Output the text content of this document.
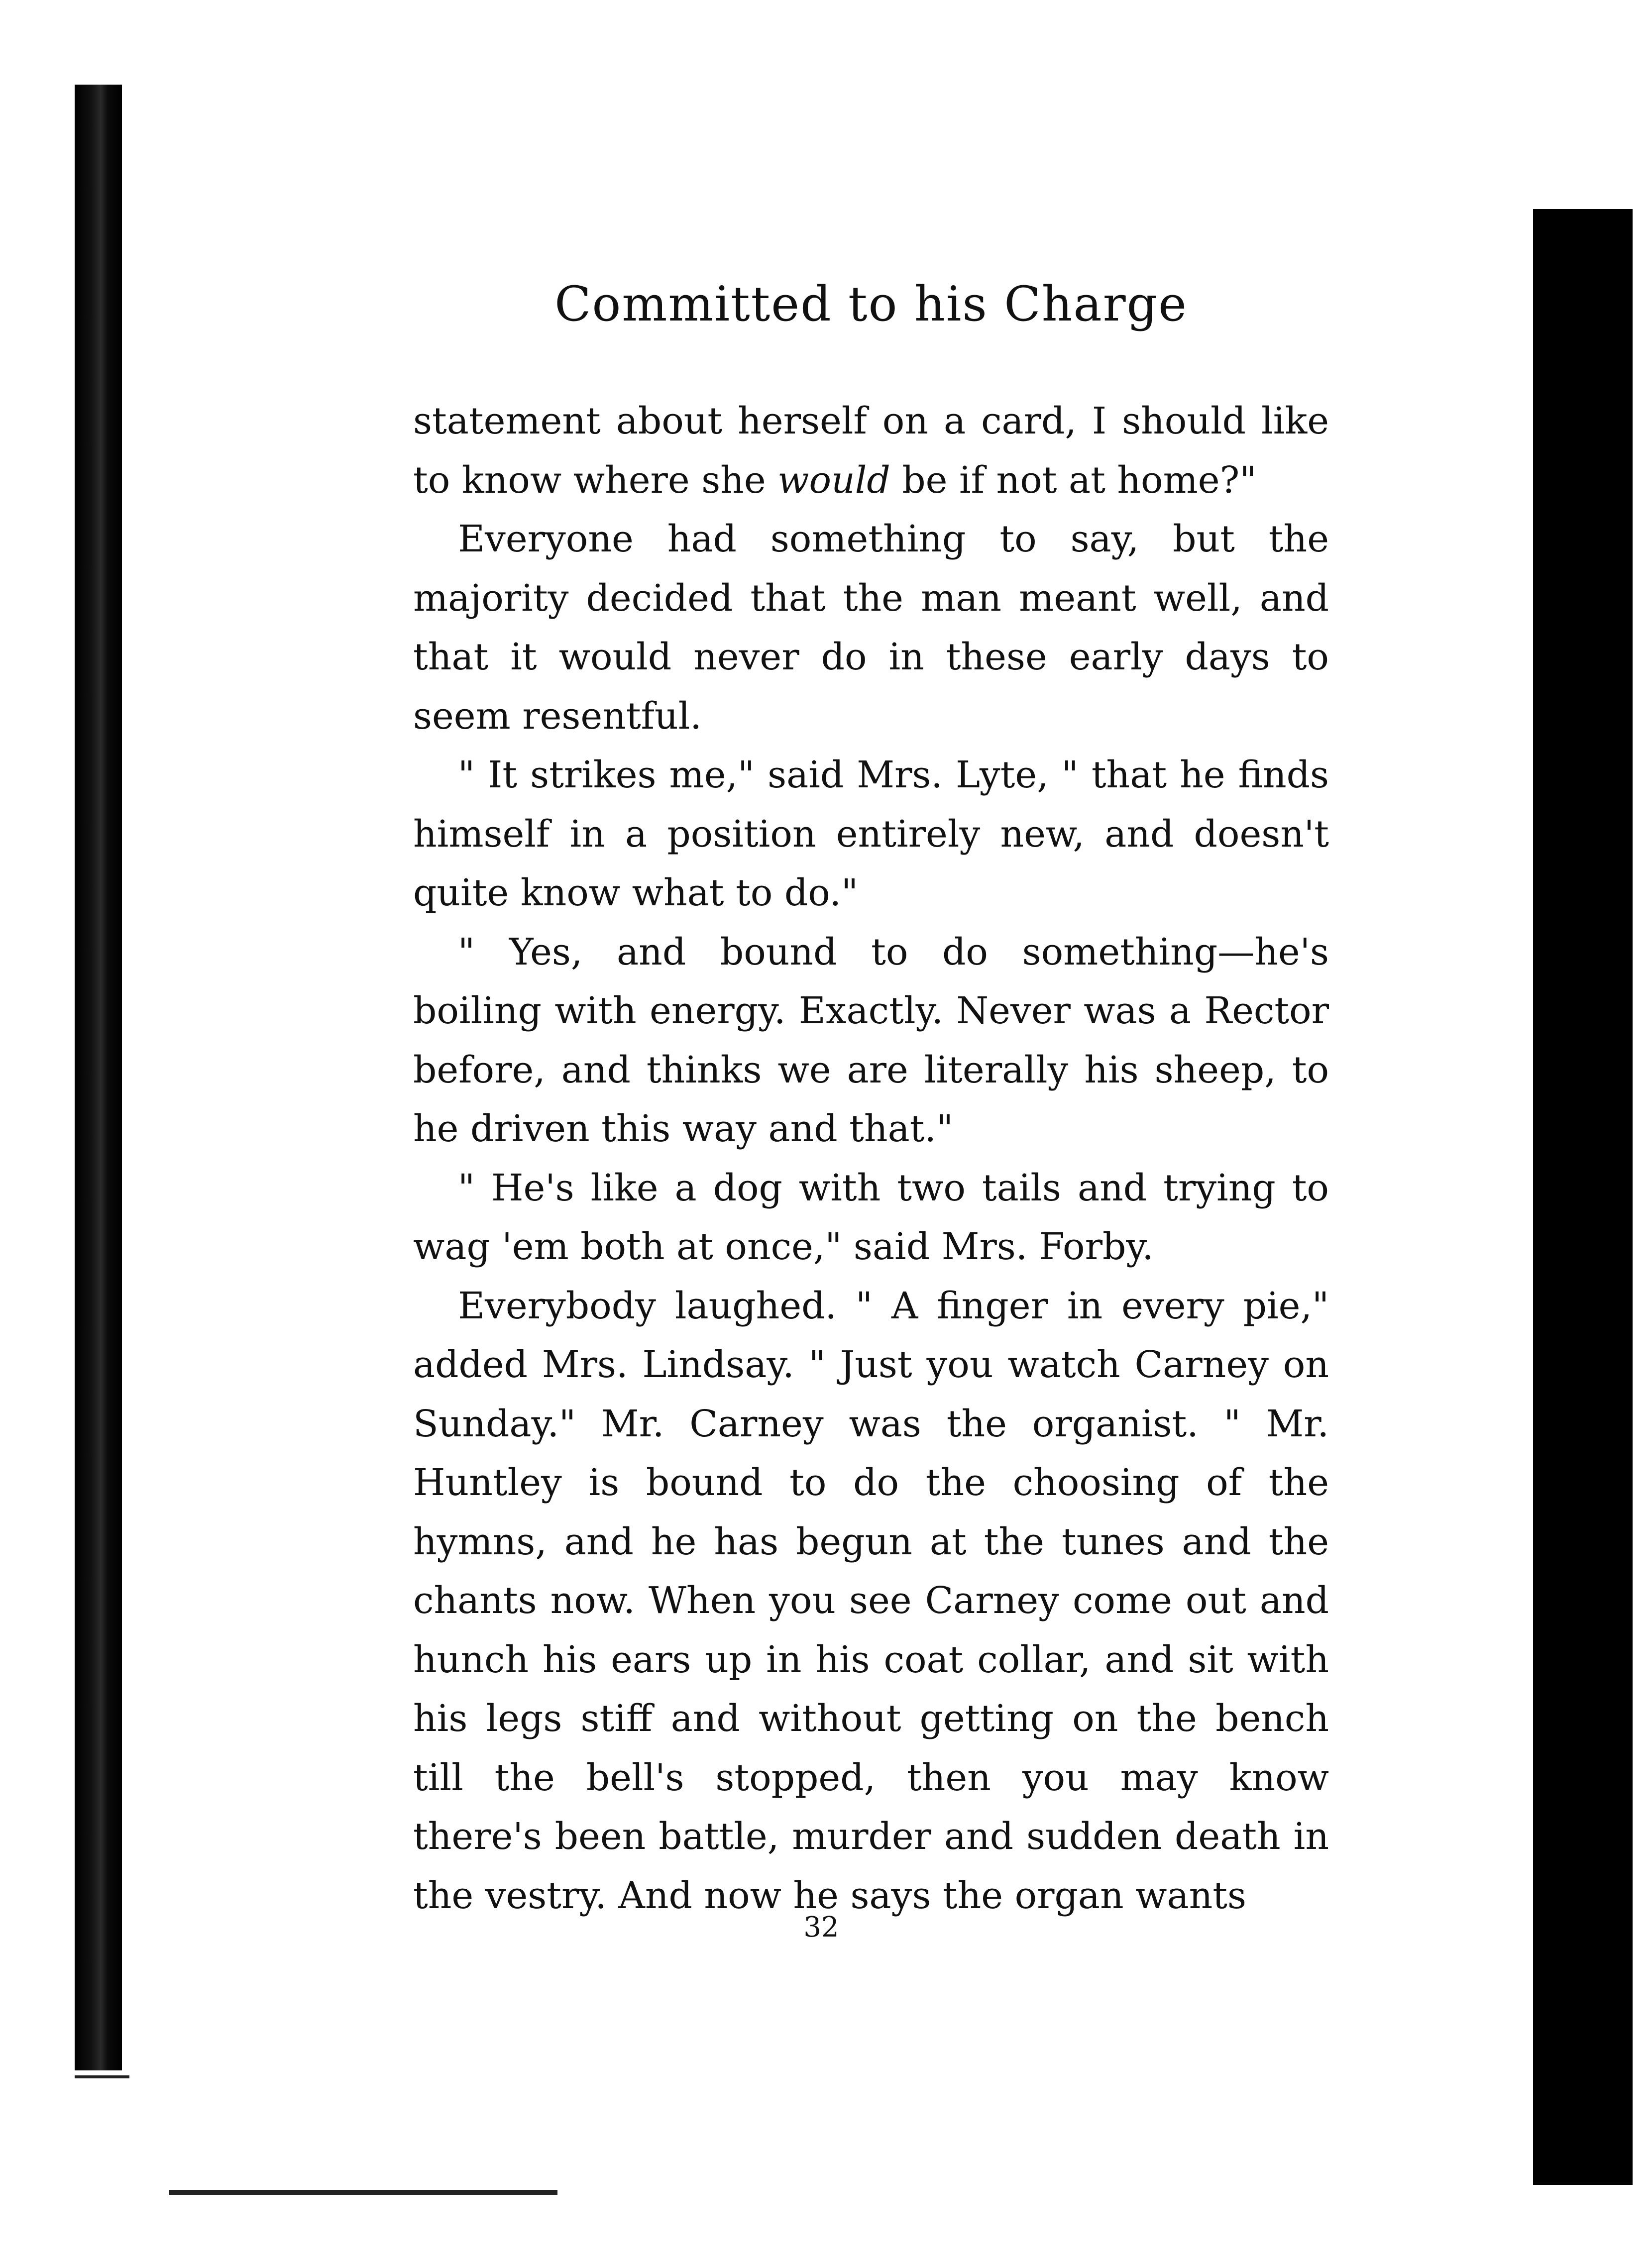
Committed to his Charge

statement about herself on a card, I should like to know where she would be if not at home?"

Everyone had something to say, but the majority decided that the man meant well, and that it would never do in these early days to seem resentful.

" It strikes me," said Mrs. Lyte, " that he finds himself in a position entirely new, and doesn't quite know what to do."

" Yes, and bound to do something—he's boiling with energy. Exactly. Never was a Rector before, and thinks we are literally his sheep, to he driven this way and that."

" He's like a dog with two tails and trying to wag 'em both at once," said Mrs. Forby.

Everybody laughed. " A finger in every pie," added Mrs. Lindsay. " Just you watch Carney on Sunday." Mr. Carney was the organist. " Mr. Huntley is bound to do the choosing of the hymns, and he has begun at the tunes and the chants now. When you see Carney come out and hunch his ears up in his coat collar, and sit with his legs stiff and without getting on the bench till the bell's stopped, then you may know there's been battle, murder and sudden death in the vestry. And now he says the organ wants

32
